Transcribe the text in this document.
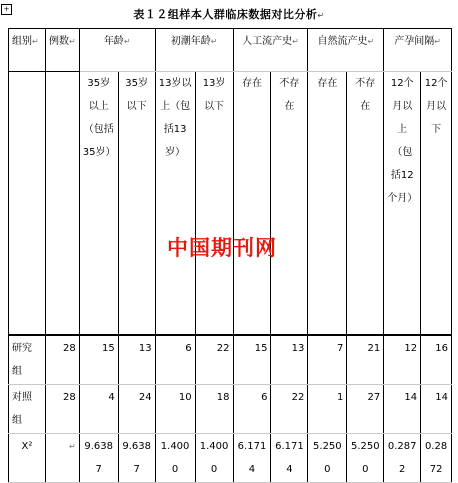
+	表１２组样本人群临床数据对比分析↵
组别↵	例数↵	年龄↵		初潮年龄↵		人工流产史↵		自然流产史↵		产孕间隔↵	

		35岁以上（包括35岁）	35岁以下	13岁以上（包括13岁）	13岁以下	存在	不存在	存在	不存在	12个月以上（包括12个月）	12个月以下

研究组	28	15	13	6	22	15	13	7	21	12	16
对照组	28	4	24	10	18	6	22	1	27	14	14
X²	↵	9.6387	9.6387	1.4000	1.4000	6.1714	6.1714	5.2500	5.2500	0.2872	0.2872
中国期刊网
